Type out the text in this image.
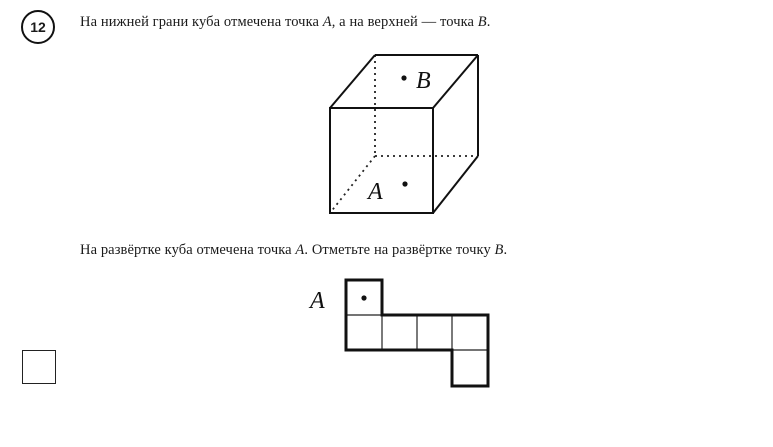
12 На нижней грани куба отмечена точка A, а на верхней — точка B.
B
A
На развёртке куба отмечена точка A. Отметьте на развёртке точку B.
A
